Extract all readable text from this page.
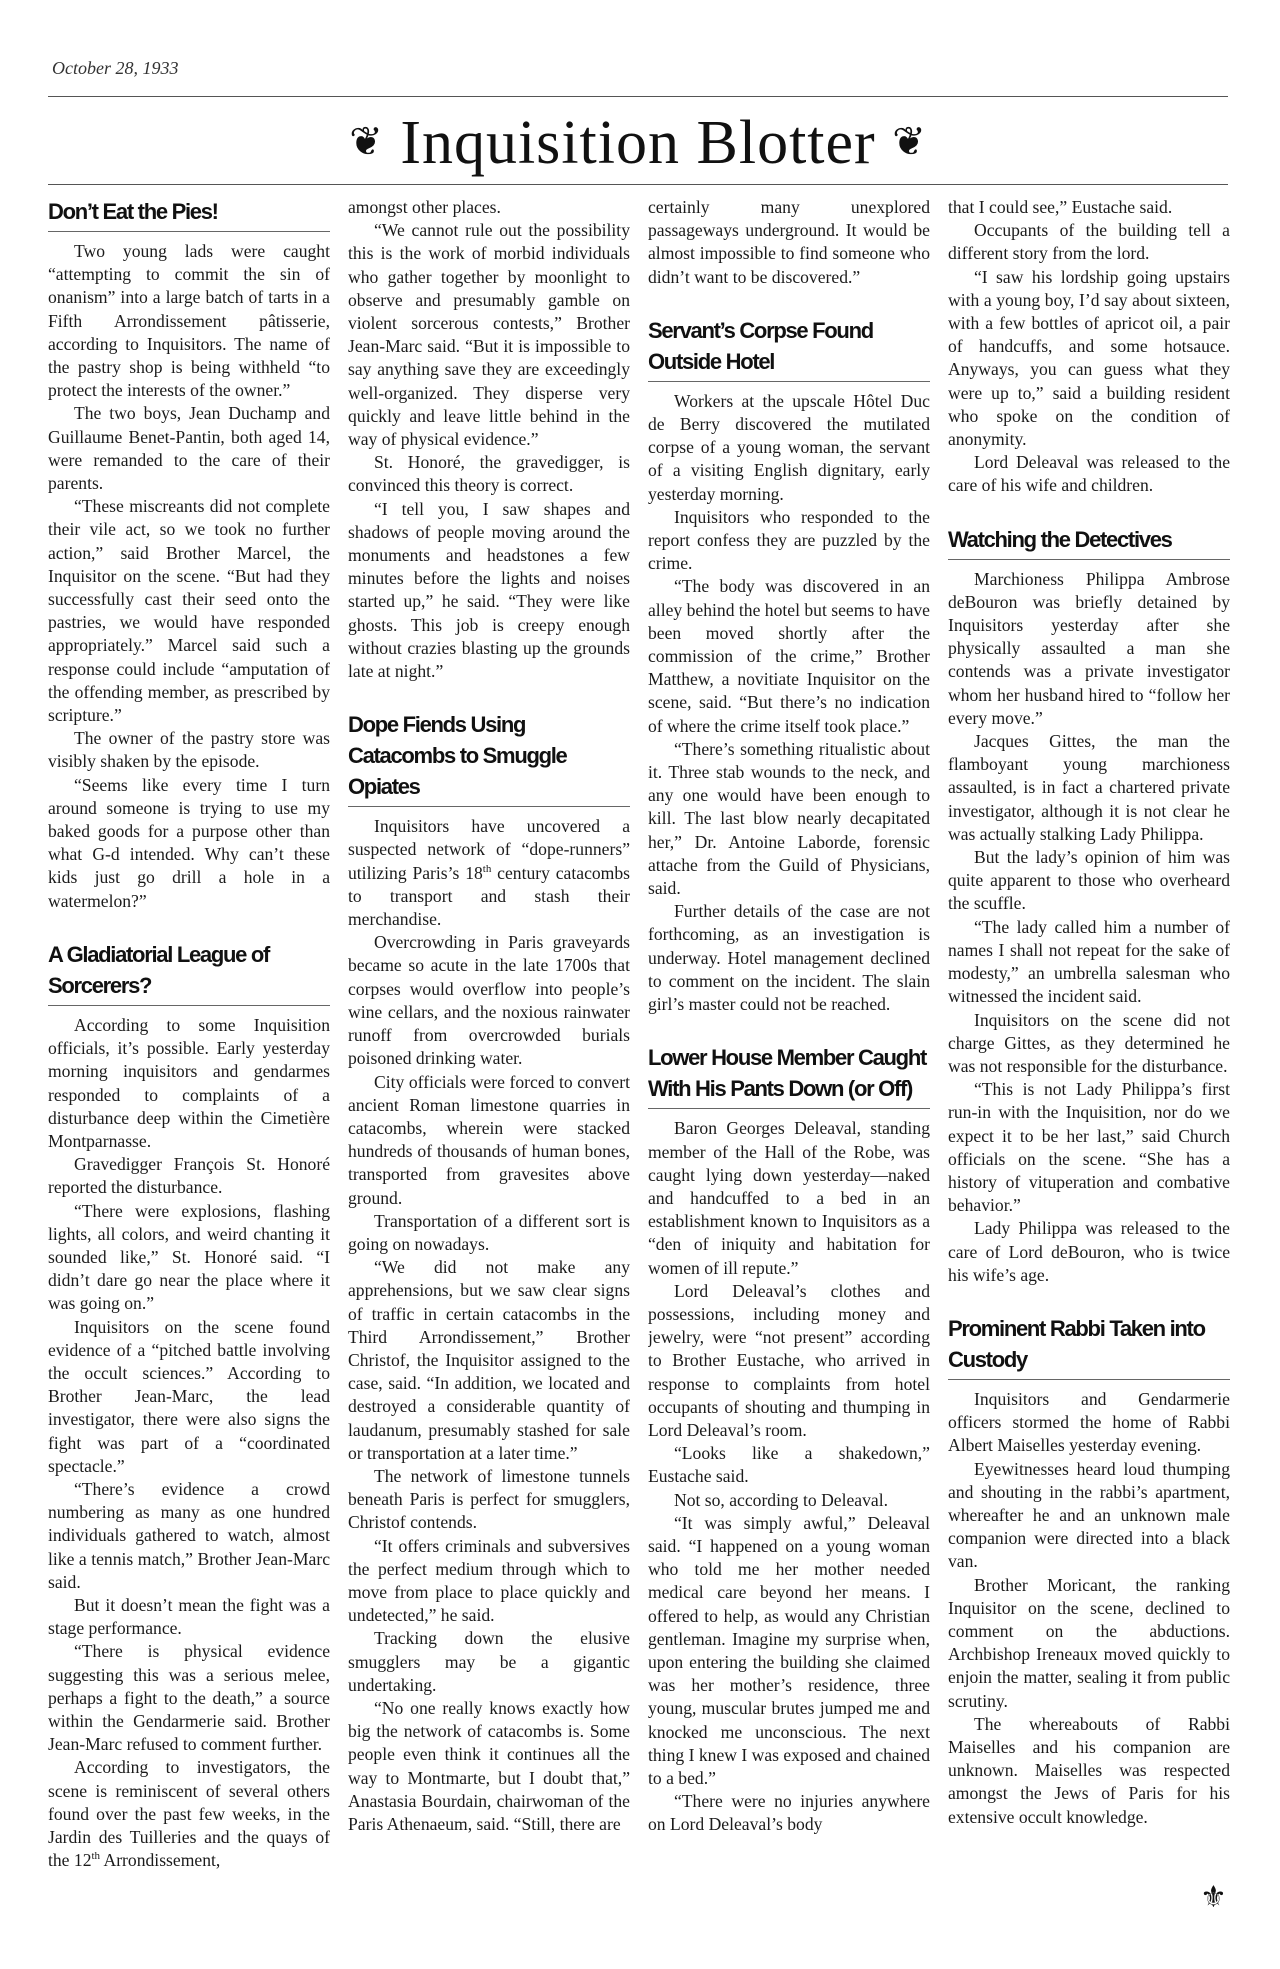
October 28, 1933
❦ Inquisition Blotter ❦
Don’t Eat the Pies!

Two young lads were caught “attempting to commit the sin of onanism” into a large batch of tarts in a Fifth Arrondissement pâtisserie, according to Inquisitors. The name of the pastry shop is being withheld “to protect the interests of the owner.”

The two boys, Jean Duchamp and Guillaume Benet-Pantin, both aged 14, were remanded to the care of their parents.

“These miscreants did not complete their vile act, so we took no further action,” said Brother Marcel, the Inquisitor on the scene. “But had they successfully cast their seed onto the pastries, we would have responded appropriately.” Marcel said such a response could include “amputation of the offending member, as prescribed by scripture.”

The owner of the pastry store was visibly shaken by the episode.

“Seems like every time I turn around someone is trying to use my baked goods for a purpose other than what G-d intended. Why can’t these kids just go drill a hole in a watermelon?”

A Gladiatorial League of Sorcerers?

According to some Inquisition officials, it’s possible. Early yesterday morning inquisitors and gendarmes responded to complaints of a disturbance deep within the Cimetière Montparnasse.

Gravedigger François St. Honoré reported the disturbance.

“There were explosions, flashing lights, all colors, and weird chanting it sounded like,” St. Honoré said. “I didn’t dare go near the place where it was going on.”

Inquisitors on the scene found evidence of a “pitched battle involving the occult sciences.” According to Brother Jean-Marc, the lead investigator, there were also signs the fight was part of a “coordinated spectacle.”

“There’s evidence a crowd numbering as many as one hundred individuals gathered to watch, almost like a tennis match,” Brother Jean-Marc said.

But it doesn’t mean the fight was a stage performance.

“There is physical evidence suggesting this was a serious melee, perhaps a fight to the death,” a source within the Gendarmerie said. Brother Jean-Marc refused to comment further.

According to investigators, the scene is reminiscent of several others found over the past few weeks, in the Jardin des Tuilleries and the quays of the 12th Arrondissement,

amongst other places.

“We cannot rule out the possibility this is the work of morbid individuals who gather together by moonlight to observe and presumably gamble on violent sorcerous contests,” Brother Jean-Marc said. “But it is impossible to say anything save they are exceedingly well-organized. They disperse very quickly and leave little behind in the way of physical evidence.”

St. Honoré, the gravedigger, is convinced this theory is correct.

“I tell you, I saw shapes and shadows of people moving around the monuments and headstones a few minutes before the lights and noises started up,” he said. “They were like ghosts. This job is creepy enough without crazies blasting up the grounds late at night.”

Dope Fiends Using Catacombs to Smuggle Opiates

Inquisitors have uncovered a suspected network of “dope-runners” utilizing Paris’s 18th century catacombs to transport and stash their merchandise.

Overcrowding in Paris graveyards became so acute in the late 1700s that corpses would overflow into people’s wine cellars, and the noxious rainwater runoff from overcrowded burials poisoned drinking water.

City officials were forced to convert ancient Roman limestone quarries in catacombs, wherein were stacked hundreds of thousands of human bones, transported from gravesites above ground.

Transportation of a different sort is going on nowadays.

“We did not make any apprehensions, but we saw clear signs of traffic in certain catacombs in the Third Arrondissement,” Brother Christof, the Inquisitor assigned to the case, said. “In addition, we located and destroyed a considerable quantity of laudanum, presumably stashed for sale or transportation at a later time.”

The network of limestone tunnels beneath Paris is perfect for smugglers, Christof contends.

“It offers criminals and subversives the perfect medium through which to move from place to place quickly and undetected,” he said.

Tracking down the elusive smugglers may be a gigantic undertaking.

“No one really knows exactly how big the network of catacombs is. Some people even think it continues all the way to Montmarte, but I doubt that,” Anastasia Bourdain, chairwoman of the Paris Athenaeum, said. “Still, there are

certainly many unexplored passageways underground. It would be almost impossible to find someone who didn’t want to be discovered.”

Servant’s Corpse Found Outside Hotel

Workers at the upscale Hôtel Duc de Berry discovered the mutilated corpse of a young woman, the servant of a visiting English dignitary, early yesterday morning.

Inquisitors who responded to the report confess they are puzzled by the crime.

“The body was discovered in an alley behind the hotel but seems to have been moved shortly after the commission of the crime,” Brother Matthew, a novitiate Inquisitor on the scene, said. “But there’s no indication of where the crime itself took place.”

“There’s something ritualistic about it. Three stab wounds to the neck, and any one would have been enough to kill. The last blow nearly decapitated her,” Dr. Antoine Laborde, forensic attache from the Guild of Physicians, said.

Further details of the case are not forthcoming, as an investigation is underway. Hotel management declined to comment on the incident. The slain girl’s master could not be reached.

Lower House Member Caught With His Pants Down (or Off)

Baron Georges Deleaval, standing member of the Hall of the Robe, was caught lying down yesterday—naked and handcuffed to a bed in an establishment known to Inquisitors as a “den of iniquity and habitation for women of ill repute.”

Lord Deleaval’s clothes and possessions, including money and jewelry, were “not present” according to Brother Eustache, who arrived in response to complaints from hotel occupants of shouting and thumping in Lord Deleaval’s room.

“Looks like a shakedown,” Eustache said.

Not so, according to Deleaval.

“It was simply awful,” Deleaval said. “I happened on a young woman who told me her mother needed medical care beyond her means. I offered to help, as would any Christian gentleman. Imagine my surprise when, upon entering the building she claimed was her mother’s residence, three young, muscular brutes jumped me and knocked me unconscious. The next thing I knew I was exposed and chained to a bed.”

“There were no injuries anywhere on Lord Deleaval’s body

that I could see,” Eustache said.

Occupants of the building tell a different story from the lord.

“I saw his lordship going upstairs with a young boy, I’d say about sixteen, with a few bottles of apricot oil, a pair of handcuffs, and some hotsauce. Anyways, you can guess what they were up to,” said a building resident who spoke on the condition of anonymity.

Lord Deleaval was released to the care of his wife and children.

Watching the Detectives

Marchioness Philippa Ambrose deBouron was briefly detained by Inquisitors yesterday after she physically assaulted a man she contends was a private investigator whom her husband hired to “follow her every move.”

Jacques Gittes, the man the flamboyant young marchioness assaulted, is in fact a chartered private investigator, although it is not clear he was actually stalking Lady Philippa.

But the lady’s opinion of him was quite apparent to those who overheard the scuffle.

“The lady called him a number of names I shall not repeat for the sake of modesty,” an umbrella salesman who witnessed the incident said.

Inquisitors on the scene did not charge Gittes, as they determined he was not responsible for the disturbance.

“This is not Lady Philippa’s first run-in with the Inquisition, nor do we expect it to be her last,” said Church officials on the scene. “She has a history of vituperation and combative behavior.”

Lady Philippa was released to the care of Lord deBouron, who is twice his wife’s age.

Prominent Rabbi Taken into Custody

Inquisitors and Gendarmerie officers stormed the home of Rabbi Albert Maiselles yesterday evening.

Eyewitnesses heard loud thumping and shouting in the rabbi’s apartment, whereafter he and an unknown male companion were directed into a black van.

Brother Moricant, the ranking Inquisitor on the scene, declined to comment on the abductions. Archbishop Ireneaux moved quickly to enjoin the matter, sealing it from public scrutiny.

The whereabouts of Rabbi Maiselles and his companion are unknown. Maiselles was respected amongst the Jews of Paris for his extensive occult knowledge.

⚜
